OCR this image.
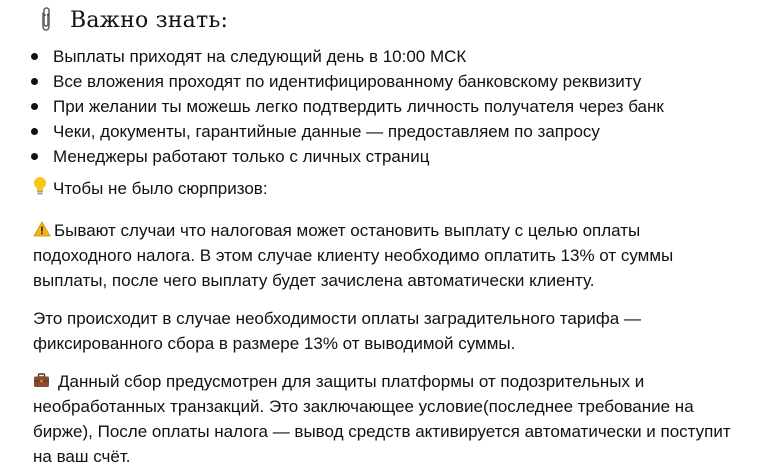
Важно знать:
Выплаты приходят на следующий день в 10:00 МСК
Все вложения проходят по идентифицированному банковскому реквизиту
При желании ты можешь легко подтвердить личность получателя через банк
Чеки, документы, гарантийные данные — предоставляем по запросу
Менеджеры работают только с личных страниц
Чтобы не было сюрпризов:
Бывают случаи что налоговая может остановить выплату с целью оплаты
подоходного налога. В этом случае клиенту необходимо оплатить 13% от суммы
выплаты, после чего выплату будет зачислена автоматически клиенту.
Это происходит в случае необходимости оплаты заградительного тарифа —
фиксированного сбора в размере 13% от выводимой суммы.
Данный сбор предусмотрен для защиты платформы от подозрительных и
необработанных транзакций. Это заключающее условие(последнее требование на
бирже), После оплаты налога — вывод средств активируется автоматически и поступит
на ваш счёт.
